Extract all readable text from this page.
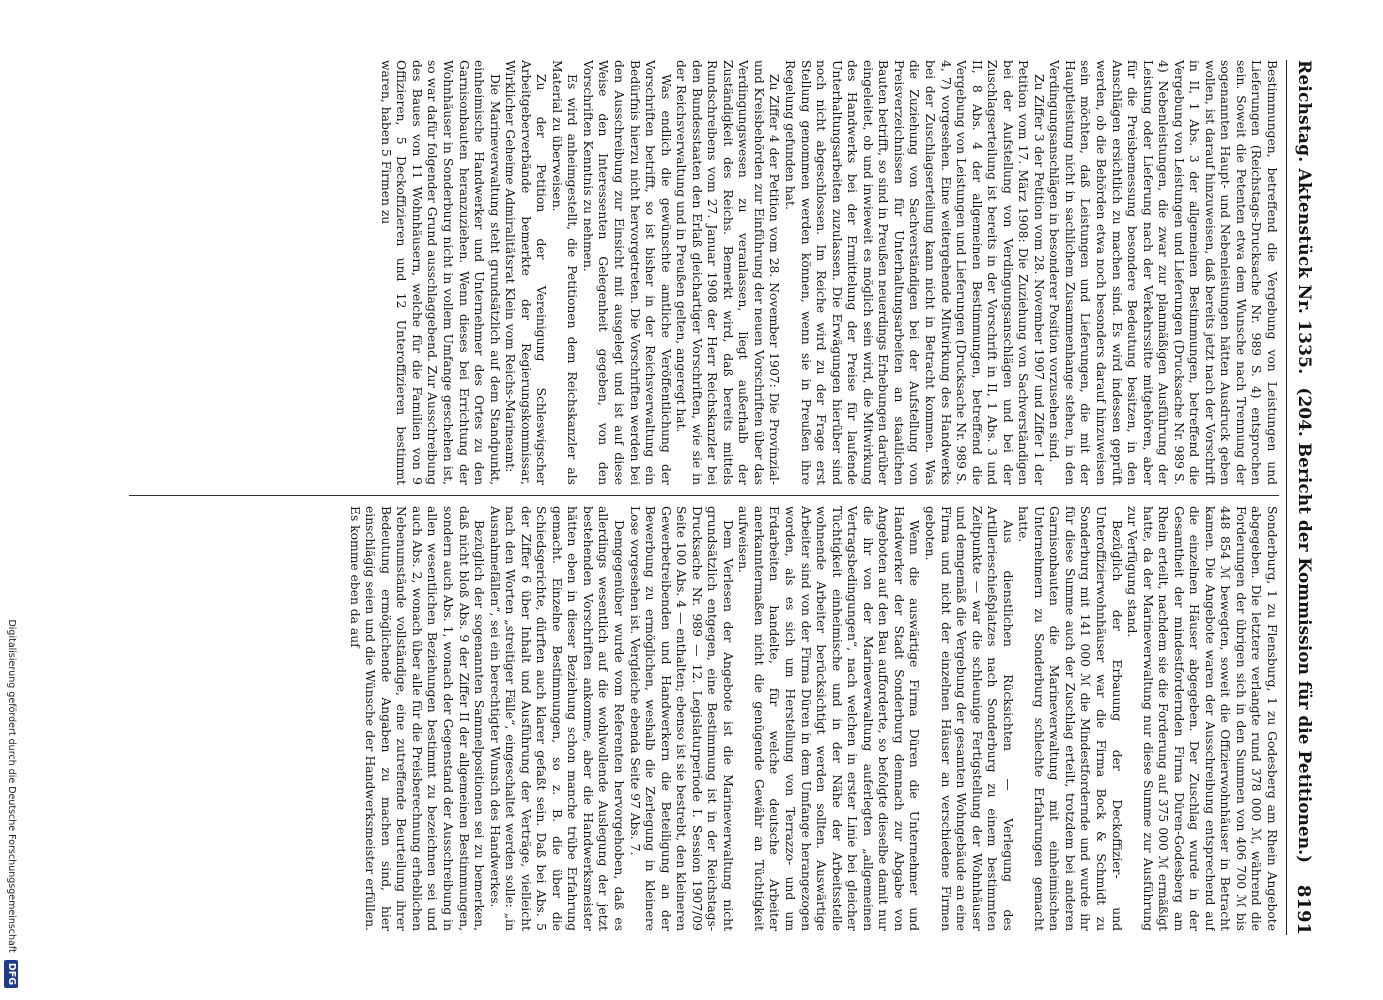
Reichstag. Aktenstück Nr. 1335. (204. Bericht der Kommission für die Petitionen.)
8191

Bestimmungen, betreffend die Vergebung von Leistungen und Lieferungen (Reichstags-Drucksache Nr. 989 S. 4) entsprochen sein. Soweit die Petenten etwa dem Wunsche nach Trennung der sogenannten Haupt- und Nebenleistungen hätten Ausdruck geben wollen, ist darauf hinzuweisen, daß bereits jetzt nach der Vorschrift in II, 1 Abs. 3 der allgemeinen Bestimmungen, betreffend die Vergebung von Leistungen und Lieferungen (Drucksache Nr. 989 S. 4) Nebenleistungen, die zwar zur planmäßigen Ausführung der Leistung oder Lieferung nach der Verkehrssitte mitgehören, aber für die Preisbemessung besondere Bedeutung besitzen, in den Anschlägen ersichtlich zu machen sind. Es wird indessen geprüft werden, ob die Behörden etwa noch besonders darauf hinzuweisen sein möchten, daß Leistungen und Lieferungen, die mit der Hauptleistung nicht in sachlichem Zusammenhange stehen, in den Verdingungsanschlägen in besonderer Position vorzusehen sind.

Zu Ziffer 3 der Petition vom 28. November 1907 und Ziffer 1 der Petition vom 17. März 1908: Die Zuziehung von Sachverständigen bei der Aufstellung von Verdingungsanschlägen und bei der Zuschlagserteilung ist bereits in der Vorschrift in II, 1 Abs. 3 und II, 8 Abs. 4 der allgemeinen Bestimmungen, betreffend die Vergebung von Leistungen und Lieferungen (Drucksache Nr. 989 S. 4, 7) vorgesehen. Eine weitergehende Mitwirkung des Handwerks bei der Zuschlagserteilung kann nicht in Betracht kommen. Was die Zuziehung von Sachverständigen bei der Aufstellung von Preisverzeichnissen für Unterhaltungsarbeiten an staatlichen Bauten betrifft, so sind in Preußen neuerdings Erhebungen darüber eingeleitet, ob und inwieweit es möglich sein wird, die Mitwirkung des Handwerks bei der Ermittelung der Preise für laufende Unterhaltungsarbeiten zuzulassen. Die Erwägungen hierüber sind noch nicht abgeschlossen. Im Reiche wird zu der Frage erst Stellung genommen werden können, wenn sie in Preußen ihre Regelung gefunden hat.

Zu Ziffer 4 der Petition vom 28. November 1907: Die Provinzial- und Kreisbehörden zur Einführung der neuen Vorschriften über das Verdingungswesen zu veranlassen, liegt außerhalb der Zuständigkeit des Reichs. Bemerkt wird, daß bereits mittels Rundschreibens vom 27. Januar 1908 der Herr Reichskanzler bei den Bundesstaaten den Erlaß gleichartiger Vorschriften, wie sie in der Reichsverwaltung und in Preußen gelten, angeregt hat.

Was endlich die gewünschte amtliche Veröffentlichung der Vorschriften betrifft, so ist bisher in der Reichsverwaltung ein Bedürfnis hierzu nicht hervorgetreten. Die Vorschriften werden bei den Ausschreibung zur Einsicht mit ausgelegt und ist auf diese Weise den Interessenten Gelegenheit gegeben, von den Vorschriften Kenntnis zu nehmen.

Es wird anheimgestellt, die Petitionen dem Reichskanzler als Material zu überweisen.

Zu der Petition der Vereinigung Schleswigscher Arbeitgeberverbände bemerkte der Regierungskommissar, Wirklicher Geheime Admiralitätsrat Klein vom Reichs-Marineamt:

Die Marineverwaltung steht grundsätzlich auf dem Standpunkt, einheimische Handwerker und Unternehmer des Ortes zu den Garnisonbauten heranzuziehen. Wenn dieses bei Errichtung der Wohnhäuser in Sonderburg nicht in vollem Umfange geschehen ist, so war dafür folgender Grund ausschlaggebend. Zur Ausschreibung des Baues von 11 Wohnhäusern, welche für die Familien von 9 Offizieren, 5 Deckoffizieren und 12 Unteroffizieren bestimmt waren, haben 5 Firmen zu

Sonderburg, 1 zu Flensburg, 1 zu Godesberg am Rhein Angebote abgegeben. Die letztere verlangte rund 378 000 ℳ, während die Forderungen der übrigen sich in den Summen von 406 700 ℳ bis 448 854 ℳ bewegten, soweit die Offizierwohnhäuser in Betracht kamen. Die Angebote waren der Ausschreibung entsprechend auf die einzelnen Häuser abgegeben. Der Zuschlag wurde in der Gesamtheit der mindestfordernden Firma Düren-Godesberg am Rhein erteilt, nachdem sie die Forderung auf 375 000 ℳ ermäßigt hatte, da der Marineverwaltung nur diese Summe zur Ausführung zur Verfügung stand.

Bezüglich der Erbauung der Deckoffizier- und Unteroffizierwohnhäuser war die Firma Bock & Schmidt zu Sonderburg mit 141 000 ℳ die Mindestfordernde und wurde ihr für diese Summe auch der Zuschlag erteilt, trotzdem bei anderen Garnisonbauten die Marineverwaltung mit einheimischen Unternehmern zu Sonderburg schlechte Erfahrungen gemacht hatte.

Aus dienstlichen Rücksichten — Verlegung des Artillerieschießplatzes nach Sonderburg zu einem bestimmten Zeitpunkte — war die schleunige Fertigstellung der Wohnhäuser und demgemäß die Vergebung der gesamten Wohngebäude an eine Firma und nicht der einzelnen Häuser an verschiedene Firmen geboten.

Wenn die auswärtige Firma Düren die Unternehmer und Handwerker der Stadt Sonderburg demnach zur Abgabe von Angeboten auf den Bau aufforderte, so befolgte dieselbe damit nur die ihr von der Marineverwaltung auferlegten „allgemeinen Vertragsbedingungen“, nach welchen in erster Linie bei gleicher Tüchtigkeit einheimische und in der Nähe der Arbeitsstelle wohnende Arbeiter berücksichtigt werden sollten. Auswärtige Arbeiter sind von der Firma Düren in dem Umfange herangezogen worden, als es sich um Herstellung von Terrazzo- und um Erdarbeiten handelte, für welche deutsche Arbeiter anerkanntermaßen nicht die genügende Gewähr an Tüchtigkeit aufweisen.

Dem Verlesen der Angebote ist die Marineverwaltung nicht grundsätzlich entgegen, eine Bestimmung ist in der Reichstags-Drucksache Nr. 989 — 12. Legislaturperiode I. Session 1907/09 Seite 100 Abs. 4 — enthalten; ebenso ist sie bestrebt, den kleineren Gewerbetreibenden und Handwerkern die Beteiligung an der Bewerbung zu ermöglichen, weshalb die Zerlegung in kleinere Lose vorgesehen ist. Vergleiche ebenda Seite 97 Abs. 7.

Demgegenüber wurde vom Referenten hervorgehoben, daß es allerdings wesentlich auf die wohlwollende Auslegung der jetzt bestehenden Vorschriften ankomme, aber die Handwerksmeister hätten eben in dieser Beziehung schon manche trübe Erfahrung gemacht. Einzelne Bestimmungen, so z. B. die über die Schiedsgerichte, dürften auch klarer gefaßt sein. Daß bei Abs. 5 der Ziffer 6 über Inhalt und Ausführung der Verträge, vielleicht nach den Worten „streitiger Fälle“, eingeschaltet werden solle: „in Ausnahmefällen“, sei ein berechtigter Wunsch des Handwerkes.

Bezüglich der sogenannten Sammelpositionen sei zu bemerken, daß nicht bloß Abs. 9 der Ziffer II der allgemeinen Bestimmungen, sondern auch Abs. 1, wonach der Gegenstand der Ausschreibung in allen wesentlichen Beziehungen bestimmt zu bezeichnen sei und auch Abs. 2, wonach über alle für die Preisberechnung erheblichen Nebenumstände vollständige, eine zutreffende Beurteilung ihrer Bedeutung ermöglichende Angaben zu machen sind, hier einschlägig seien und die Wünsche der Handwerksmeister erfüllen. Es komme eben da auf

Digitalisierung gefördert durch die Deutsche Forschungsgemeinschaft DFG
